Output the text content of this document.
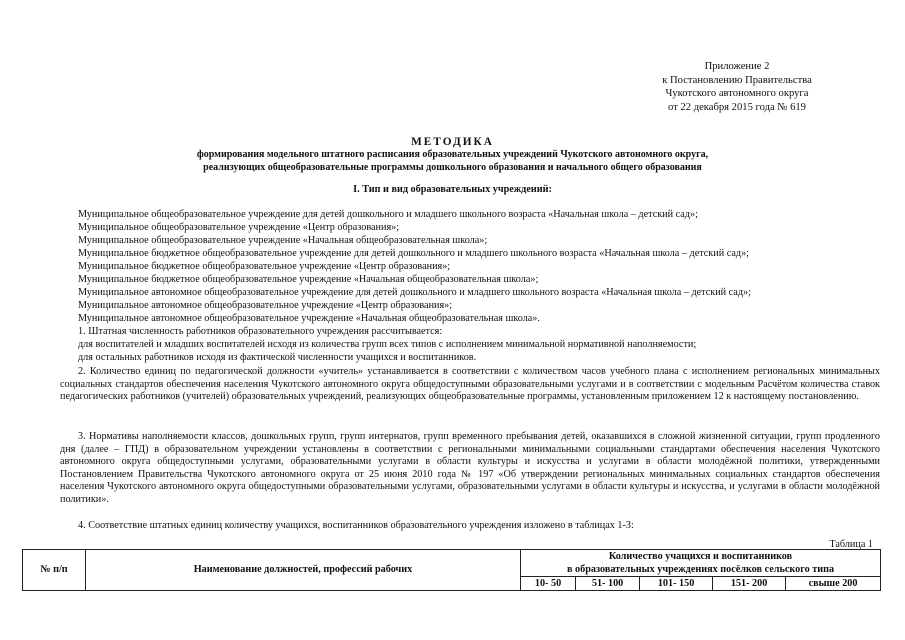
Приложение 2
к Постановлению Правительства
Чукотского автономного округа
от 22 декабря 2015 года № 619
МЕТОДИКА
формирования модельного штатного расписания образовательных учреждений Чукотского автономного округа,
реализующих общеобразовательные программы дошкольного образования и начального общего образования
I. Тип и вид образовательных учреждений:
Муниципальное общеобразовательное учреждение для детей дошкольного и младшего школьного возраста «Начальная школа – детский сад»;
Муниципальное общеобразовательное учреждение «Центр образования»;
Муниципальное общеобразовательное учреждение «Начальная общеобразовательная школа»;
Муниципальное бюджетное общеобразовательное учреждение для детей дошкольного и младшего школьного возраста «Начальная школа – детский сад»;
Муниципальное бюджетное общеобразовательное учреждение «Центр образования»;
Муниципальное бюджетное общеобразовательное учреждение «Начальная общеобразовательная школа»;
Муниципальное автономное общеобразовательное учреждение для детей дошкольного и младшего школьного возраста «Начальная школа – детский сад»;
Муниципальное автономное общеобразовательное учреждение «Центр образования»;
Муниципальное автономное общеобразовательное учреждение «Начальная общеобразовательная школа».
1. Штатная численность работников образовательного учреждения рассчитывается:
для воспитателей и младших воспитателей исходя из количества групп всех типов с исполнением минимальной нормативной наполняемости;
для остальных работников исходя из фактической численности учащихся и воспитанников.
2. Количество единиц по педагогической должности «учитель» устанавливается в соответствии с количеством часов учебного плана с исполнением региональных минимальных социальных стандартов обеспечения населения Чукотского автономного округа общедоступными образовательными услугами и в соответствии с модельным Расчётом количества ставок педагогических работников (учителей) образовательных учреждений, реализующих общеобразовательные программы, установленным приложением 12 к настоящему постановлению.
3. Нормативы наполняемости классов, дошкольных групп, групп интернатов, групп временного пребывания детей, оказавшихся в сложной жизненной ситуации, групп продленного дня (далее – ГПД) в образовательном учреждении установлены в соответствии с региональными минимальными социальными стандартами обеспечения населения Чукотского автономного округа общедоступными услугами, образовательными услугами в области культуры и искусства и услугами в области молодёжной политики, утвержденными Постановлением Правительства Чукотского автономного округа от 25 июня 2010 года № 197 «Об утверждении региональных минимальных социальных стандартов обеспечения населения Чукотского автономного округа общедоступными образовательными услугами, образовательными услугами в области культуры и искусства, и услугами в области молодёжной политики».
4. Соответствие штатных единиц количеству учащихся, воспитанников образовательного учреждения изложено в таблицах 1-3:
Таблица 1
№ п/п	Наименование должностей, профессий рабочих	Количество учащихся и воспитанников				
		в образовательных учреждениях посёлков сельского типа				
		10- 50	51- 100	101- 150	151- 200	свыше 200
